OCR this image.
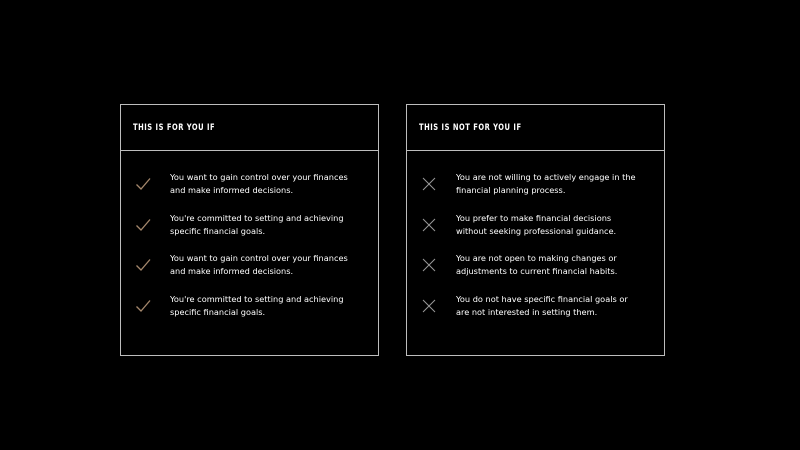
THIS IS FOR YOU IF
You want to gain control over your finances
and make informed decisions.
You're committed to setting and achieving
specific financial goals.
You want to gain control over your finances
and make informed decisions.
You're committed to setting and achieving
specific financial goals.
THIS IS NOT FOR YOU IF
You are not willing to actively engage in the
financial planning process.
You prefer to make financial decisions
without seeking professional guidance.
You are not open to making changes or
adjustments to current financial habits.
You do not have specific financial goals or
are not interested in setting them.
